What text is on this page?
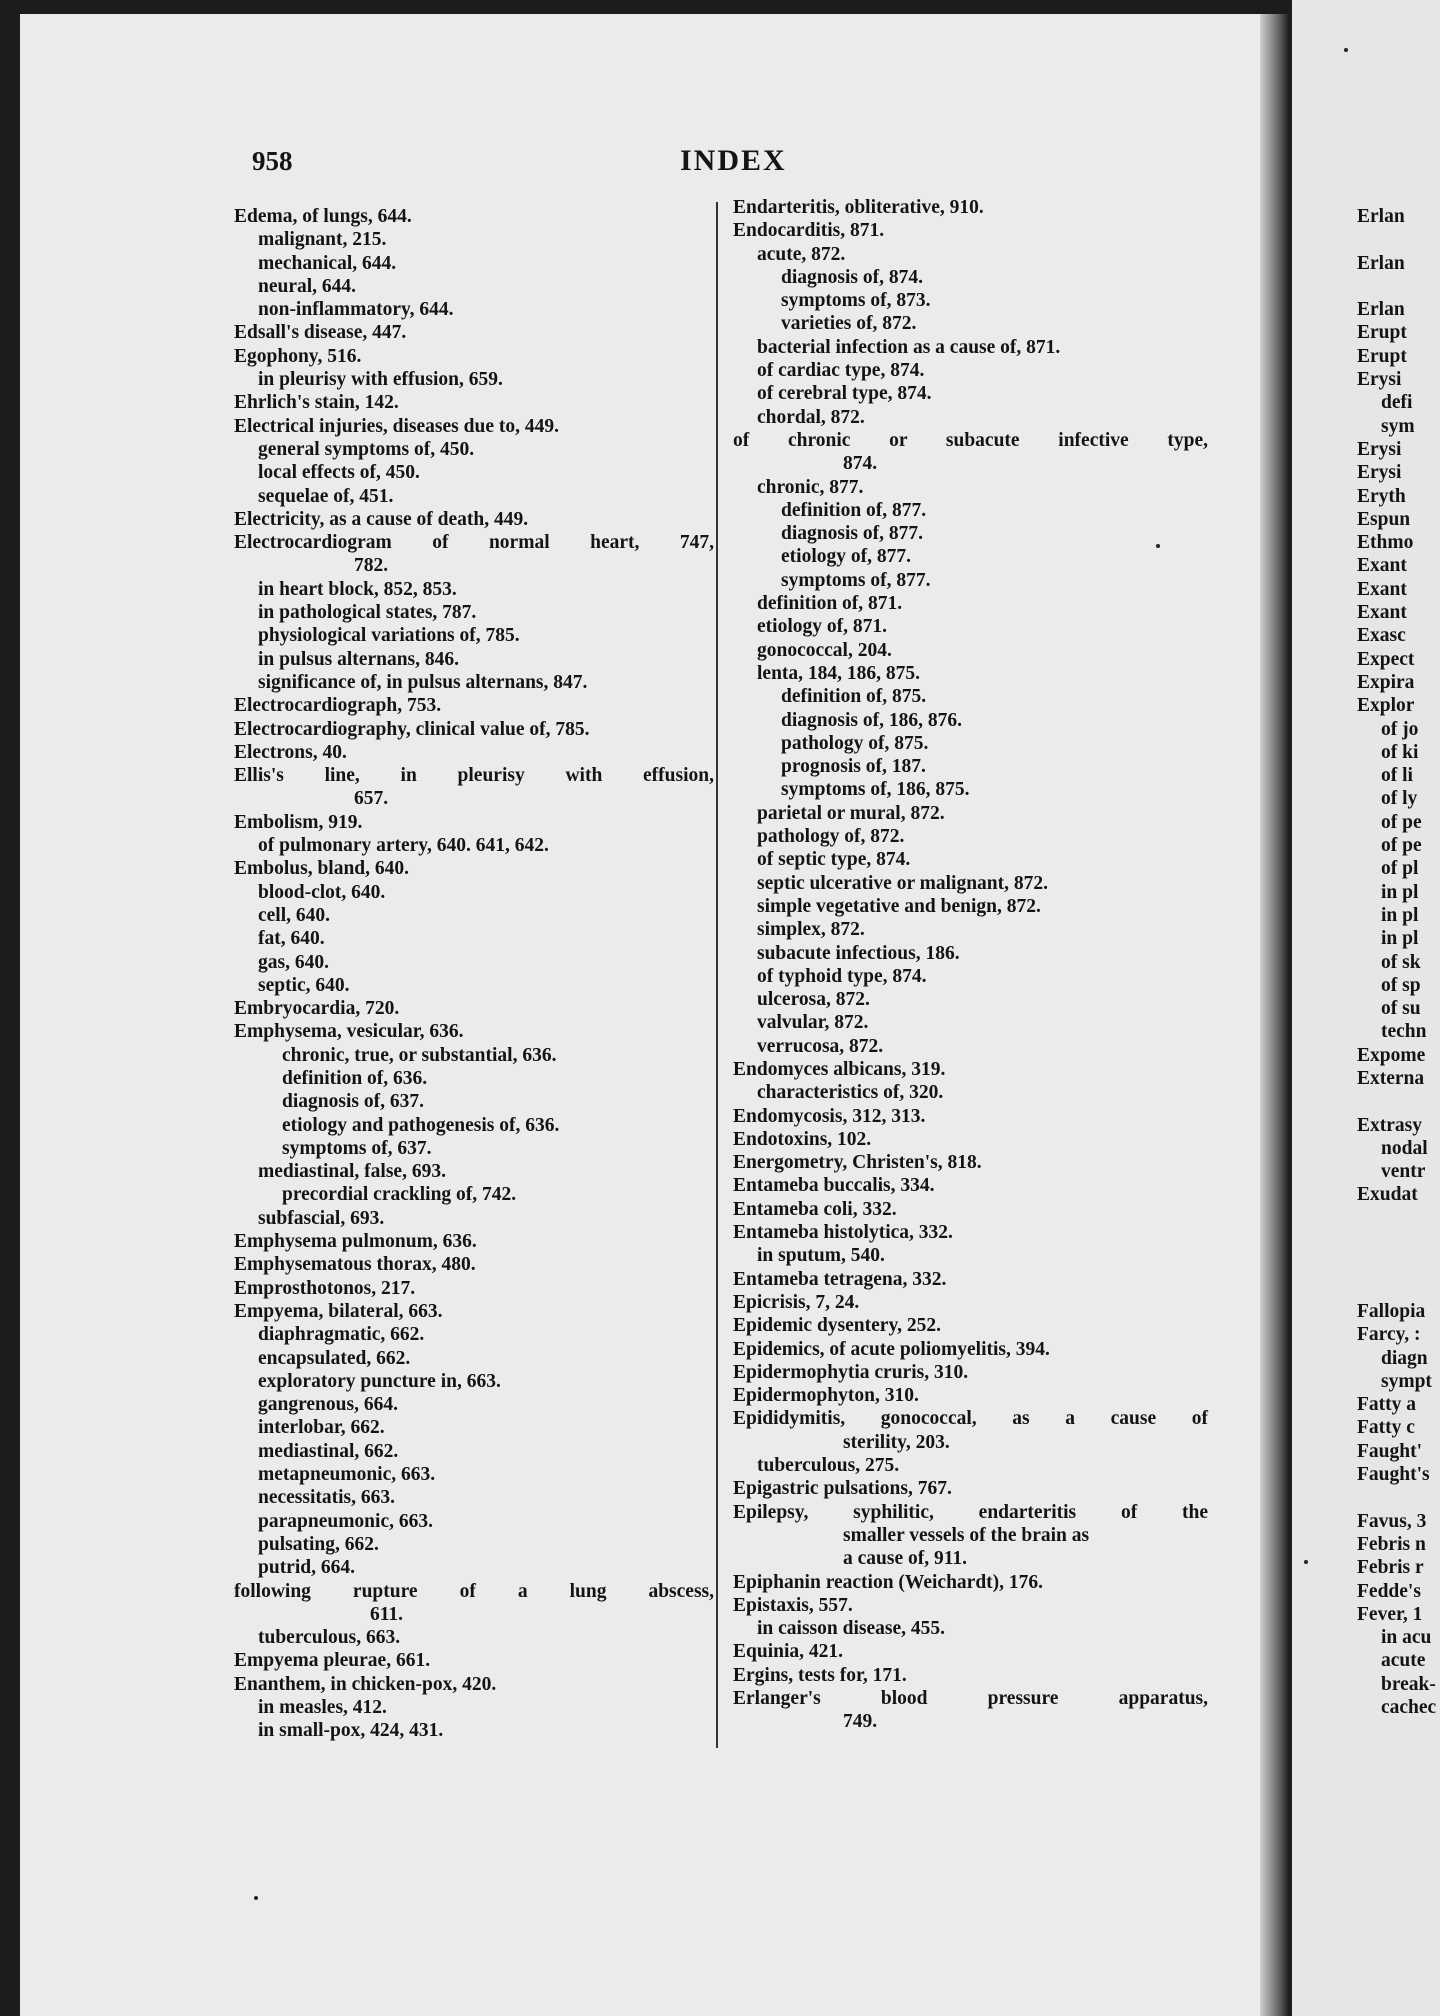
958	INDEX
Edema, of lungs, 644.
malignant, 215.
mechanical, 644.
neural, 644.
non-inflammatory, 644.
Edsall's disease, 447.
Egophony, 516.
in pleurisy with effusion, 659.
Ehrlich's stain, 142.
Electrical injuries, diseases due to, 449.
general symptoms of, 450.
local effects of, 450.
sequelae of, 451.
Electricity, as a cause of death, 449.
Electrocardiogram of normal heart, 747,
782.
in heart block, 852, 853.
in pathological states, 787.
physiological variations of, 785.
in pulsus alternans, 846.
significance of, in pulsus alternans, 847.
Electrocardiograph, 753.
Electrocardiography, clinical value of, 785.
Electrons, 40.
Ellis's line, in pleurisy with effusion,
657.
Embolism, 919.
of pulmonary artery, 640. 641, 642.
Embolus, bland, 640.
blood-clot, 640.
cell, 640.
fat, 640.
gas, 640.
septic, 640.
Embryocardia, 720.
Emphysema, vesicular, 636.
chronic, true, or substantial, 636.
definition of, 636.
diagnosis of, 637.
etiology and pathogenesis of, 636.
symptoms of, 637.
mediastinal, false, 693.
precordial crackling of, 742.
subfascial, 693.
Emphysema pulmonum, 636.
Emphysematous thorax, 480.
Emprosthotonos, 217.
Empyema, bilateral, 663.
diaphragmatic, 662.
encapsulated, 662.
exploratory puncture in, 663.
gangrenous, 664.
interlobar, 662.
mediastinal, 662.
metapneumonic, 663.
necessitatis, 663.
parapneumonic, 663.
pulsating, 662.
putrid, 664.
following rupture of a lung abscess,
611.
tuberculous, 663.
Empyema pleurae, 661.
Enanthem, in chicken-pox, 420.
in measles, 412.
in small-pox, 424, 431.
Endarteritis, obliterative, 910.
Endocarditis, 871.
acute, 872.
diagnosis of, 874.
symptoms of, 873.
varieties of, 872.
bacterial infection as a cause of, 871.
of cardiac type, 874.
of cerebral type, 874.
chordal, 872.
of chronic or subacute infective type,
874.
chronic, 877.
definition of, 877.
diagnosis of, 877.
etiology of, 877.
symptoms of, 877.
definition of, 871.
etiology of, 871.
gonococcal, 204.
lenta, 184, 186, 875.
definition of, 875.
diagnosis of, 186, 876.
pathology of, 875.
prognosis of, 187.
symptoms of, 186, 875.
parietal or mural, 872.
pathology of, 872.
of septic type, 874.
septic ulcerative or malignant, 872.
simple vegetative and benign, 872.
simplex, 872.
subacute infectious, 186.
of typhoid type, 874.
ulcerosa, 872.
valvular, 872.
verrucosa, 872.
Endomyces albicans, 319.
characteristics of, 320.
Endomycosis, 312, 313.
Endotoxins, 102.
Energometry, Christen's, 818.
Entameba buccalis, 334.
Entameba coli, 332.
Entameba histolytica, 332.
in sputum, 540.
Entameba tetragena, 332.
Epicrisis, 7, 24.
Epidemic dysentery, 252.
Epidemics, of acute poliomyelitis, 394.
Epidermophytia cruris, 310.
Epidermophyton, 310.
Epididymitis, gonococcal, as a cause of
sterility, 203.
tuberculous, 275.
Epigastric pulsations, 767.
Epilepsy, syphilitic, endarteritis of the
smaller vessels of the brain as
a cause of, 911.
Epiphanin reaction (Weichardt), 176.
Epistaxis, 557.
in caisson disease, 455.
Equinia, 421.
Ergins, tests for, 171.
Erlanger's blood pressure apparatus,
749.
Erlan

Erlan

Erlan
Erupt
Erupt
Erysi
defi
sym
Erysi
Erysi
Eryth
Espun
Ethmo
Exant
Exant
Exant
Exasc
Expect
Expira
Explor
of jo
of ki
of li
of ly
of pe
of pe
of pl
in pl
in pl
in pl
of sk
of sp
of su
techn
Expome
Externa

Extrasy
nodal
ventr
Exudat

Fallopia
Farcy, :
diagn
sympt
Fatty a
Fatty c
Faught'
Faught's

Favus, 3
Febris n
Febris r
Fedde's
Fever, 1
in acu
acute
break-
cachec
